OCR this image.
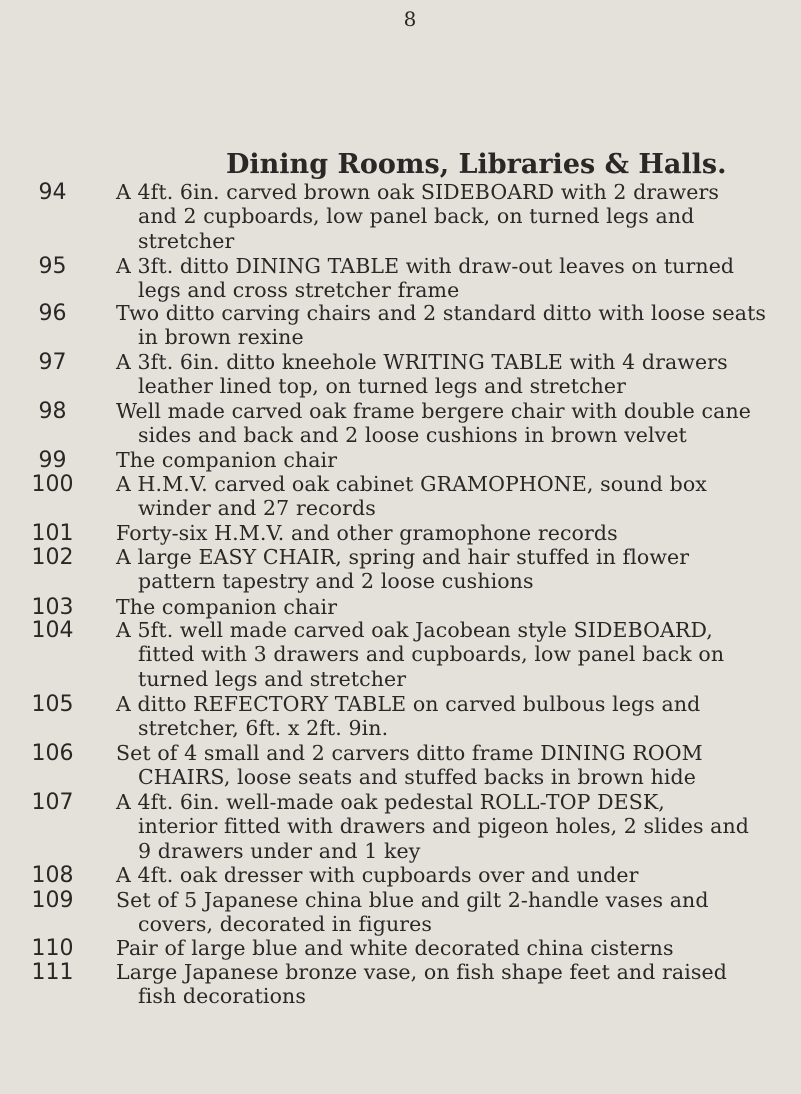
8
Dining Rooms, Libraries & Halls.
94	A 4ft. 6in. carved brown oak SIDEBOARD with 2 drawers
and 2 cupboards, low panel back, on turned legs and
stretcher
95	A 3ft. ditto DINING TABLE with draw-out leaves on turned
legs and cross stretcher frame
96	Two ditto carving chairs and 2 standard ditto with loose seats
in brown rexine
97	A 3ft. 6in. ditto kneehole WRITING TABLE with 4 drawers
leather lined top, on turned legs and stretcher
98	Well made carved oak frame bergere chair with double cane
sides and back and 2 loose cushions in brown velvet
99	The companion chair
100	A H.M.V. carved oak cabinet GRAMOPHONE, sound box
winder and 27 records
101	Forty-six H.M.V. and other gramophone records
102	A large EASY CHAIR, spring and hair stuffed in flower
pattern tapestry and 2 loose cushions
103	The companion chair
104	A 5ft. well made carved oak Jacobean style SIDEBOARD,
fitted with 3 drawers and cupboards, low panel back on
turned legs and stretcher
105	A ditto REFECTORY TABLE on carved bulbous legs and
stretcher, 6ft. x 2ft. 9in.
106	Set of 4 small and 2 carvers ditto frame DINING ROOM
CHAIRS, loose seats and stuffed backs in brown hide
107	A 4ft. 6in. well-made oak pedestal ROLL-TOP DESK,
interior fitted with drawers and pigeon holes, 2 slides and
9 drawers under and 1 key
108	A 4ft. oak dresser with cupboards over and under
109	Set of 5 Japanese china blue and gilt 2-handle vases and
covers, decorated in figures
110	Pair of large blue and white decorated china cisterns
111	Large Japanese bronze vase, on fish shape feet and raised
fish decorations
